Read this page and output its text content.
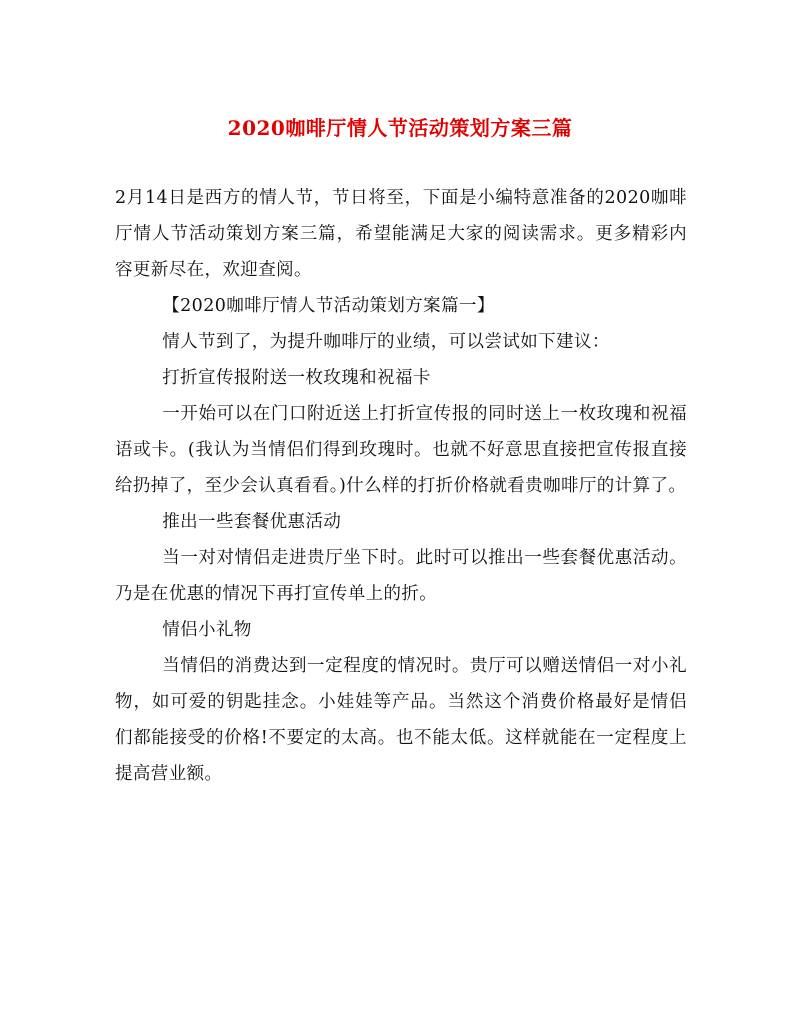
2020咖啡厅情人节活动策划方案三篇

2月14日是西方的情人节，节日将至，下面是小编特意准备的2020咖啡厅情人节活动策划方案三篇，希望能满足大家的阅读需求。更多精彩内容更新尽在，欢迎查阅。

【2020咖啡厅情人节活动策划方案篇一】

情人节到了，为提升咖啡厅的业绩，可以尝试如下建议：

打折宣传报附送一枚玫瑰和祝福卡

一开始可以在门口附近送上打折宣传报的同时送上一枚玫瑰和祝福语或卡。(我认为当情侣们得到玫瑰时。也就不好意思直接把宣传报直接给扔掉了，至少会认真看看。)什么样的打折价格就看贵咖啡厅的计算了。

推出一些套餐优惠活动

当一对对情侣走进贵厅坐下时。此时可以推出一些套餐优惠活动。乃是在优惠的情况下再打宣传单上的折。

情侣小礼物

当情侣的消费达到一定程度的情况时。贵厅可以赠送情侣一对小礼物，如可爱的钥匙挂念。小娃娃等产品。当然这个消费价格最好是情侣们都能接受的价格!不要定的太高。也不能太低。这样就能在一定程度上提高营业额。
